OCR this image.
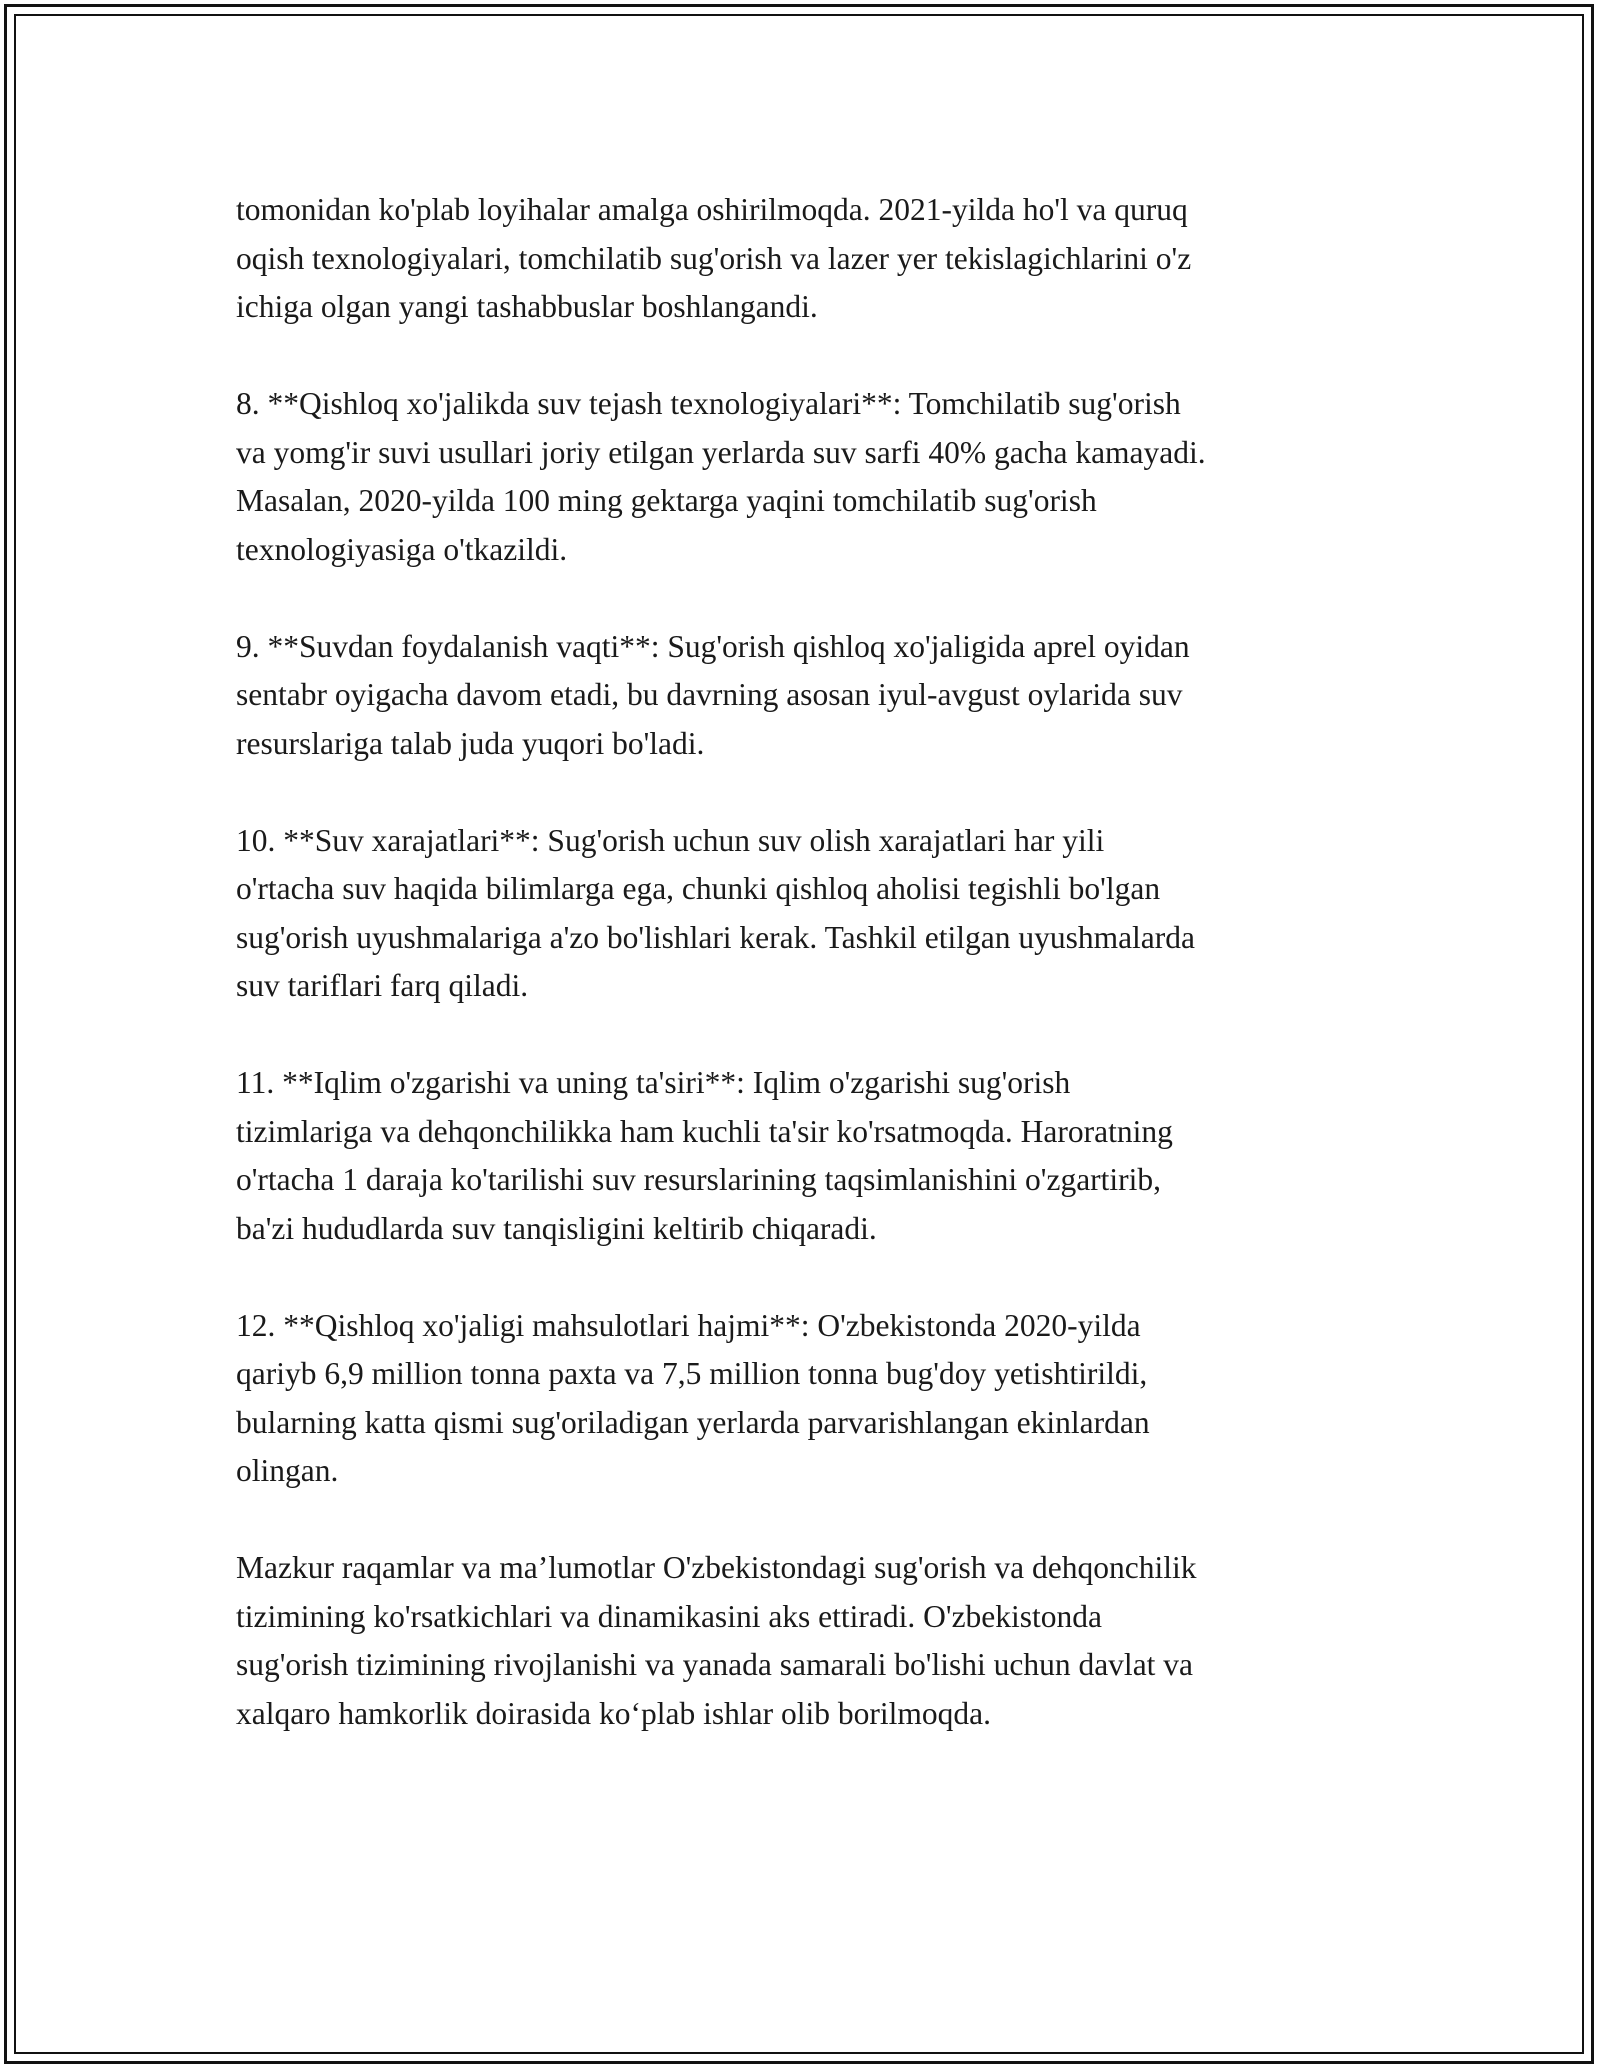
tomonidan ko'plab loyihalar amalga oshirilmoqda. 2021-yilda ho'l va quruq
oqish texnologiyalari, tomchilatib sug'orish va lazer yer tekislagichlarini o'z
ichiga olgan yangi tashabbuslar boshlangandi.

8. **Qishloq xo'jalikda suv tejash texnologiyalari**: Tomchilatib sug'orish
va yomg'ir suvi usullari joriy etilgan yerlarda suv sarfi 40% gacha kamayadi.
Masalan, 2020-yilda 100 ming gektarga yaqini tomchilatib sug'orish
texnologiyasiga o'tkazildi.

9. **Suvdan foydalanish vaqti**: Sug'orish qishloq xo'jaligida aprel oyidan
sentabr oyigacha davom etadi, bu davrning asosan iyul-avgust oylarida suv
resurslariga talab juda yuqori bo'ladi.

10. **Suv xarajatlari**: Sug'orish uchun suv olish xarajatlari har yili
o'rtacha suv haqida bilimlarga ega, chunki qishloq aholisi tegishli bo'lgan
sug'orish uyushmalariga a'zo bo'lishlari kerak. Tashkil etilgan uyushmalarda
suv tariflari farq qiladi.

11. **Iqlim o'zgarishi va uning ta'siri**: Iqlim o'zgarishi sug'orish
tizimlariga va dehqonchilikka ham kuchli ta'sir ko'rsatmoqda. Haroratning
o'rtacha 1 daraja ko'tarilishi suv resurslarining taqsimlanishini o'zgartirib,
ba'zi hududlarda suv tanqisligini keltirib chiqaradi.

12. **Qishloq xo'jaligi mahsulotlari hajmi**: O'zbekistonda 2020-yilda
qariyb 6,9 million tonna paxta va 7,5 million tonna bug'doy yetishtirildi,
bularning katta qismi sug'oriladigan yerlarda parvarishlangan ekinlardan
olingan.

Mazkur raqamlar va ma’lumotlar O'zbekistondagi sug'orish va dehqonchilik
tizimining ko'rsatkichlari va dinamikasini aks ettiradi. O'zbekistonda
sug'orish tizimining rivojlanishi va yanada samarali bo'lishi uchun davlat va
xalqaro hamkorlik doirasida ko‘plab ishlar olib borilmoqda.
